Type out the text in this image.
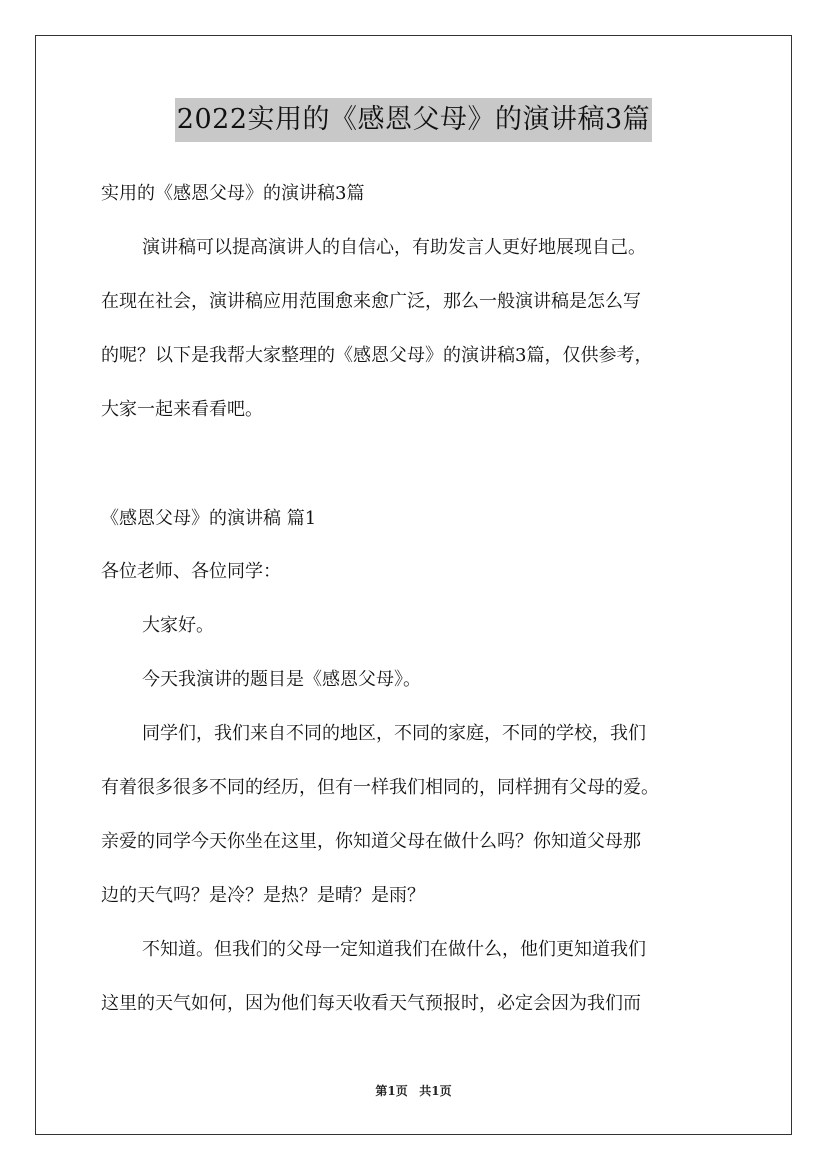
2022实用的《感恩父母》的演讲稿3篇
实用的《感恩父母》的演讲稿3篇
演讲稿可以提高演讲人的自信心，有助发言人更好地展现自己。
在现在社会，演讲稿应用范围愈来愈广泛，那么一般演讲稿是怎么写
的呢？以下是我帮大家整理的《感恩父母》的演讲稿3篇，仅供参考，
大家一起来看看吧。
《感恩父母》的演讲稿 篇1
各位老师、各位同学：
大家好。
今天我演讲的题目是《感恩父母》。
同学们，我们来自不同的地区，不同的家庭，不同的学校，我们
有着很多很多不同的经历，但有一样我们相同的，同样拥有父母的爱。
亲爱的同学今天你坐在这里，你知道父母在做什么吗？你知道父母那
边的天气吗？是冷？是热？是晴？是雨？
不知道。但我们的父母一定知道我们在做什么，他们更知道我们
这里的天气如何，因为他们每天收看天气预报时，必定会因为我们而
第1页 共1页
